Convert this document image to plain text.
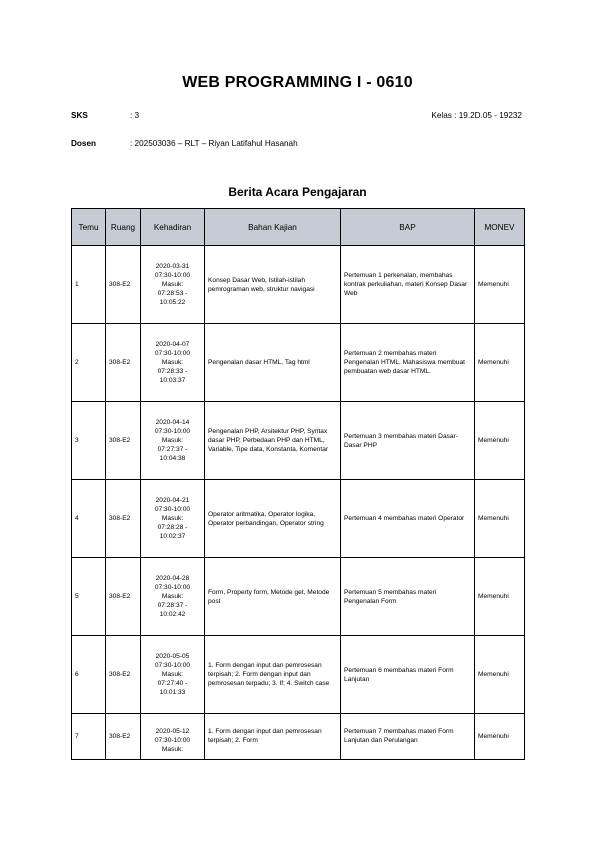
WEB PROGRAMMING I - 0610
SKS	: 3	Kelas : 19.2D.05 - 19232
Dosen	: 202503036 – RLT – Riyan Latifahul Hasanah
Berita Acara Pengajaran
Temu	Ruang	Kehadiran	Bahan Kajian	BAP	MONEV
1	308-E2	2020-03-31
07:30-10:00
Masuk:
07:28:53 -
10:05:22	Konsep Dasar Web, Istilah-istilah pemrograman web, struktur navigasi	Pertemuan 1 perkenalan, membahas kontrak perkuliahan, materi Konsep Dasar Web	Memenuhi
2	308-E2	2020-04-07
07:30-10:00
Masuk:
07:28:33 -
10:03:37	Pengenalan dasar HTML, Tag html	Pertemuan 2 membahas materi Pengenalan HTML. Mahasiswa membuat pembuatan web dasar HTML.	Memenuhi
3	308-E2	2020-04-14
07:30-10:00
Masuk:
07:27:37 -
10:04:38	Pengenalan PHP, Arsitektur PHP, Syntax dasar PHP, Perbedaan PHP dan HTML, Variable, Tipe data, Konstanta, Komentar	Pertemuan 3 membahas materi Dasar-Dasar PHP	Memenuhi
4	308-E2	2020-04-21
07:30-10:00
Masuk:
07:28:28 -
10:02:37	Operator aritmatika, Operator logika, Operator perbandingan, Operator string	Pertemuan 4 membahas materi Operator	Memenuhi
5	308-E2	2020-04-28
07:30-10:00
Masuk:
07:28:37 -
10:02:42	Form, Property form, Metode get, Metode post	Pertemuan 5 membahas materi Pengenalan Form	Memenuhi
6	308-E2	2020-05-05
07:30-10:00
Masuk:
07:27:40 -
10:01:33	1. Form dengan input dan pemrosesan terpisah; 2. Form dengan input dan pemrosesan terpadu; 3. If; 4. Switch case	Pertemuan 6 membahas materi Form Lanjutan	Memenuhi
7	308-E2	2020-05-12
07:30-10:00
Masuk:	1. Form dengan input dan pemrosesan terpisah; 2. Form	Pertemuan 7 membahas materi Form Lanjutan dan Perulangan	Memenuhi
